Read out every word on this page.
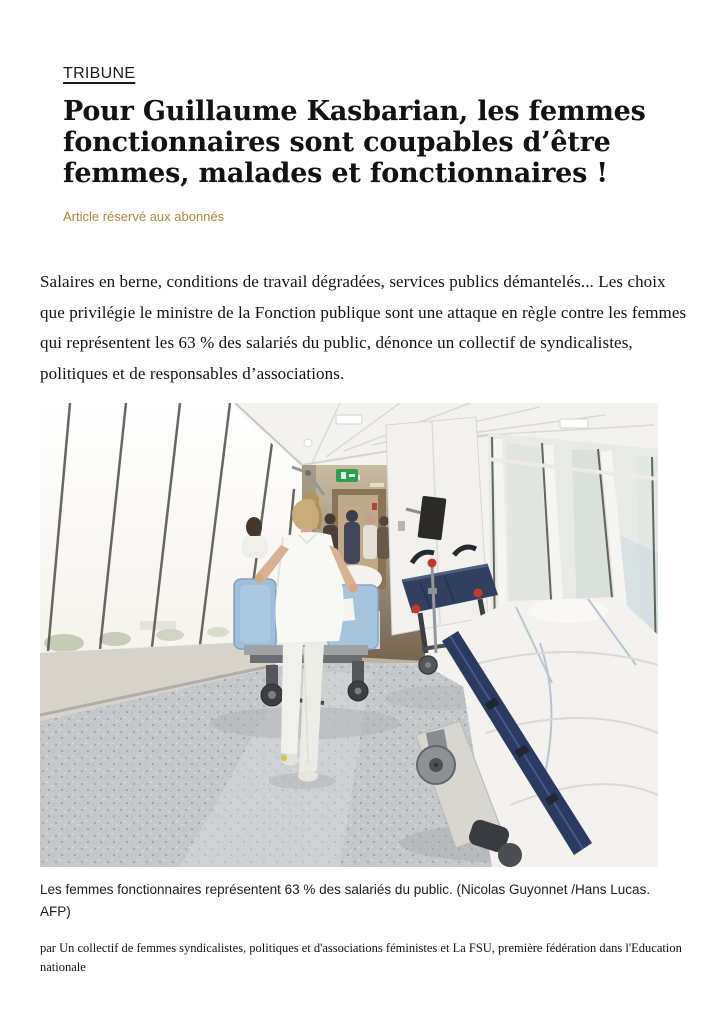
TRIBUNE
Pour Guillaume Kasbarian, les femmes fonctionnaires sont coupables d’être femmes, malades et fonctionnaires !
Article réservé aux abonnés

Salaires en berne, conditions de travail dégradées, services publics démantelés... Les choix que privilégie le ministre de la Fonction publique sont une attaque en règle contre les femmes qui représentent les 63 % des salariés du public, dénonce un collectif de syndicalistes, politiques et de responsables d’associations.

Les femmes fonctionnaires représentent 63 % des salariés du public. (Nicolas Guyonnet /Hans Lucas. AFP)

par Un collectif de femmes syndicalistes, politiques et d'associations féministes et La FSU, première fédération dans l'Education nationale
